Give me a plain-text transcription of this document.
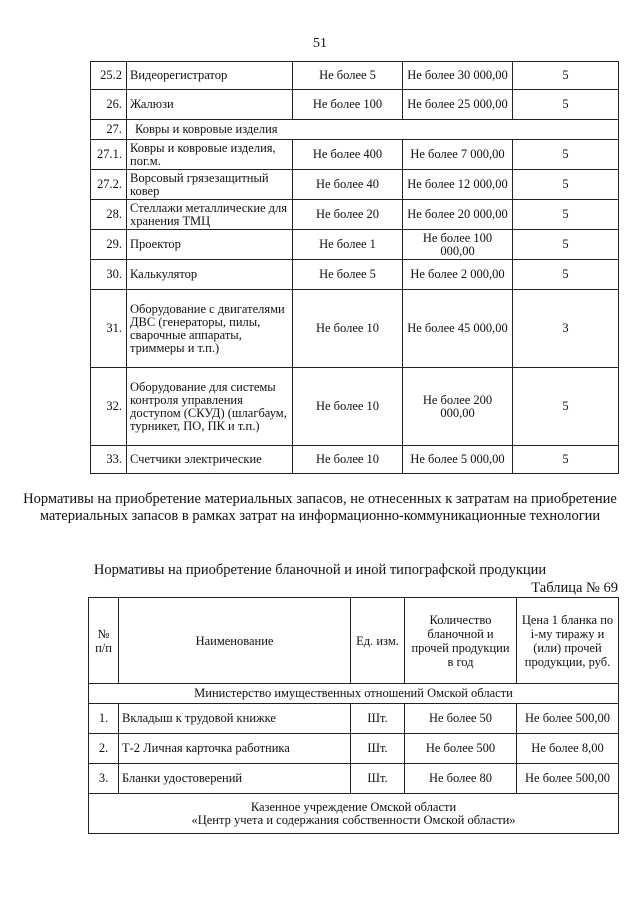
51
25.2	Видеорегистратор	Не более 5	Не более 30 000,00	5
26.	Жалюзи	Не более 100	Не более 25 000,00	5
27.	Ковры и ковровые изделия			
27.1.	Ковры и ковровые изделия, пог.м.	Не более 400	Не более 7 000,00	5
27.2.	Ворсовый грязезащитный ковер	Не более 40	Не более 12 000,00	5
28.	Стеллажи металлические для хранения ТМЦ	Не более 20	Не более 20 000,00	5
29.	Проектор	Не более 1	Не более 100 000,00	5
30.	Калькулятор	Не более 5	Не более 2 000,00	5
31.	Оборудование с двигателями ДВС (генераторы, пилы, сварочные аппараты, триммеры и т.п.)	Не более 10	Не более 45 000,00	3
32.	Оборудование для системы контроля управления доступом (СКУД) (шлагбаум, турникет, ПО, ПК и т.п.)	Не более 10	Не более 200 000,00	5
33.	Счетчики электрические	Не более 10	Не более 5 000,00	5
Нормативы на приобретение материальных запасов, не отнесенных к затратам на приобретение материальных запасов в рамках затрат на информационно-коммуникационные технологии
Нормативы на приобретение бланочной и иной типографской продукции
Таблица № 69
№ п/п	Наименование	Ед. изм.	Количество бланочной и прочей продукции в год	Цена 1 бланка по i-му тиражу и (или) прочей продукции, руб.
Министерство имущественных отношений Омской области				
1.	Вкладыш к трудовой книжке	Шт.	Не более 50	Не более 500,00
2.	Т-2 Личная карточка работника	Шт.	Не более 500	Не более 8,00
3.	Бланки удостоверений	Шт.	Не более 80	Не более 500,00

Казенное учреждение Омской области
«Центр учета и содержания собственности Омской области»				
